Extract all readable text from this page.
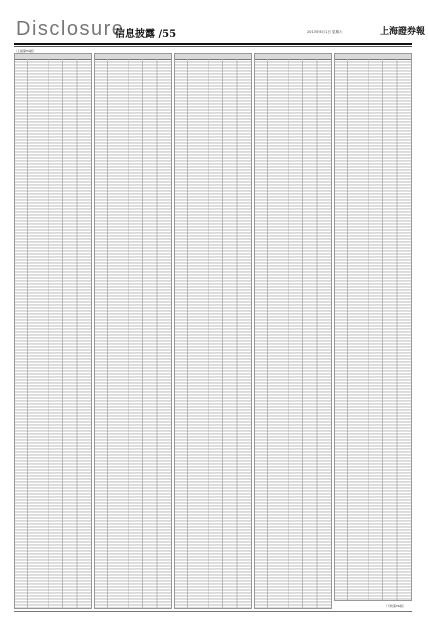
Disclosure
信息披露 /55	2013年6月1日 星期六	上海證券報
（上接第54版）
（下转第56版）
